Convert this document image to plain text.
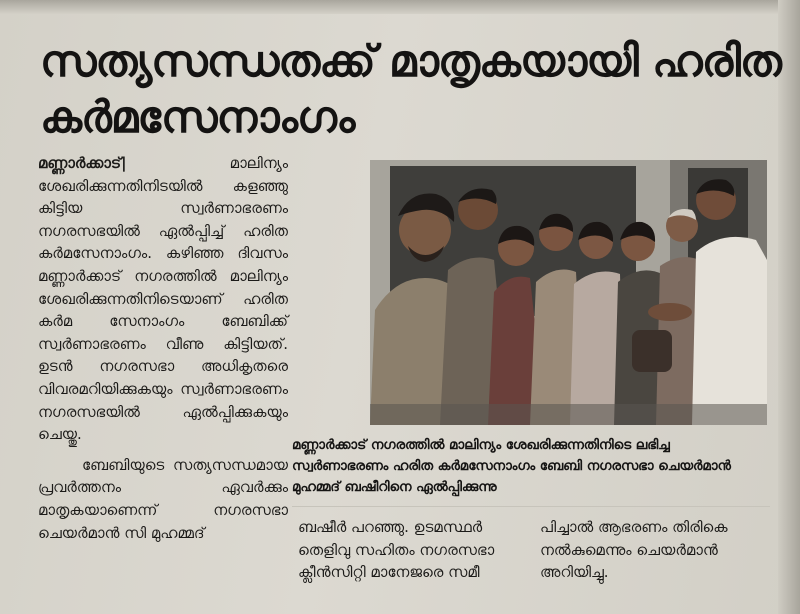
സത്യസന്ധതക്ക് മാതൃകയായി ഹരിത
കർമസേനാംഗം

മണ്ണാർക്കാട്|	മാലിന്യം ശേഖരിക്കുന്നതിനിടയിൽ കളഞ്ഞു കിട്ടിയ സ്വർണാഭരണം നഗരസഭയിൽ ഏൽപ്പിച്ച് ഹരിത കർമസേനാംഗം. കഴിഞ്ഞ ദിവസം മണ്ണാർക്കാട് നഗരത്തിൽ മാലിന്യം ശേഖരിക്കുന്നതിനിടെയാണ് ഹരിത കർമ സേനാംഗം ബേബിക്ക് സ്വർണാഭരണം വീണു കിട്ടിയത്. ഉടൻ നഗരസഭാ അധികൃതരെ വിവരമറിയിക്കുകയും സ്വർണാഭരണം നഗരസഭയിൽ ഏൽപ്പിക്കുകയും ചെയ്തു.

ബേബിയുടെ സത്യസന്ധമായ പ്രവർത്തനം ഏവർക്കും മാതൃകയാണെന്ന് നഗരസഭാ ചെയർമാൻ സി മുഹമ്മദ്

മണ്ണാർക്കാട് നഗരത്തിൽ മാലിന്യം ശേഖരിക്കുന്നതിനിടെ ലഭിച്ച
സ്വർണാഭരണം ഹരിത കർമസേനാംഗം ബേബി നഗരസഭാ ചെയർമാൻ
മുഹമ്മദ് ബഷീറിനെ ഏൽപ്പിക്കുന്നു

ബഷീർ പറഞ്ഞു. ഉടമസ്ഥർ
തെളിവു സഹിതം നഗരസഭാ
ക്ലീൻസിറ്റി മാനേജരെ സമീ

പിച്ചാൽ ആഭരണം തിരികെ
നൽകുമെന്നും ചെയർമാൻ
അറിയിച്ചു.
